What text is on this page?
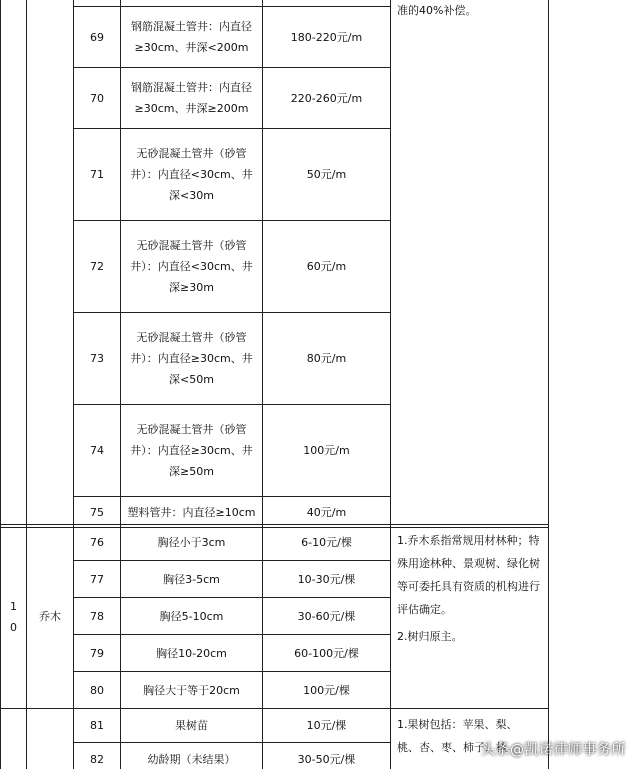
					准的40%补偿。

		69	钢筋混凝土管井：内直径≥30cm、井深<200m	180-220元/m	
		70	钢筋混凝土管井：内直径≥30cm、井深≥200m	220-260元/m	
		71	无砂混凝土管井（砂管井）：内直径<30cm、井深<30m	50元/m	
		72	无砂混凝土管井（砂管井）：内直径<30cm、井深≥30m	60元/m	
		73	无砂混凝土管井（砂管井）：内直径≥30cm、井深<50m	80元/m	
		74	无砂混凝土管井（砂管井）：内直径≥30cm、井深≥50m	100元/m	
		75	塑料管井：内直径≥10cm	40元/m	
10	乔木	76	胸径小于3cm	6-10元/棵	1.乔木系指常规用材林种；特殊用途林种、景观树、绿化树等可委托具有资质的机构进行评估确定。
2.树归原主。

		77	胸径3-5cm	10-30元/棵	
		78	胸径5-10cm	30-60元/棵	
		79	胸径10-20cm	60-100元/棵	
		80	胸径大于等于20cm	100元/棵	
		81	果树苗	10元/棵	1.果树包括：苹果、梨、
桃、杏、枣、柿子、核

		82	幼龄期（未结果）	30-50元/棵	
头条@凯诺律师事务所
